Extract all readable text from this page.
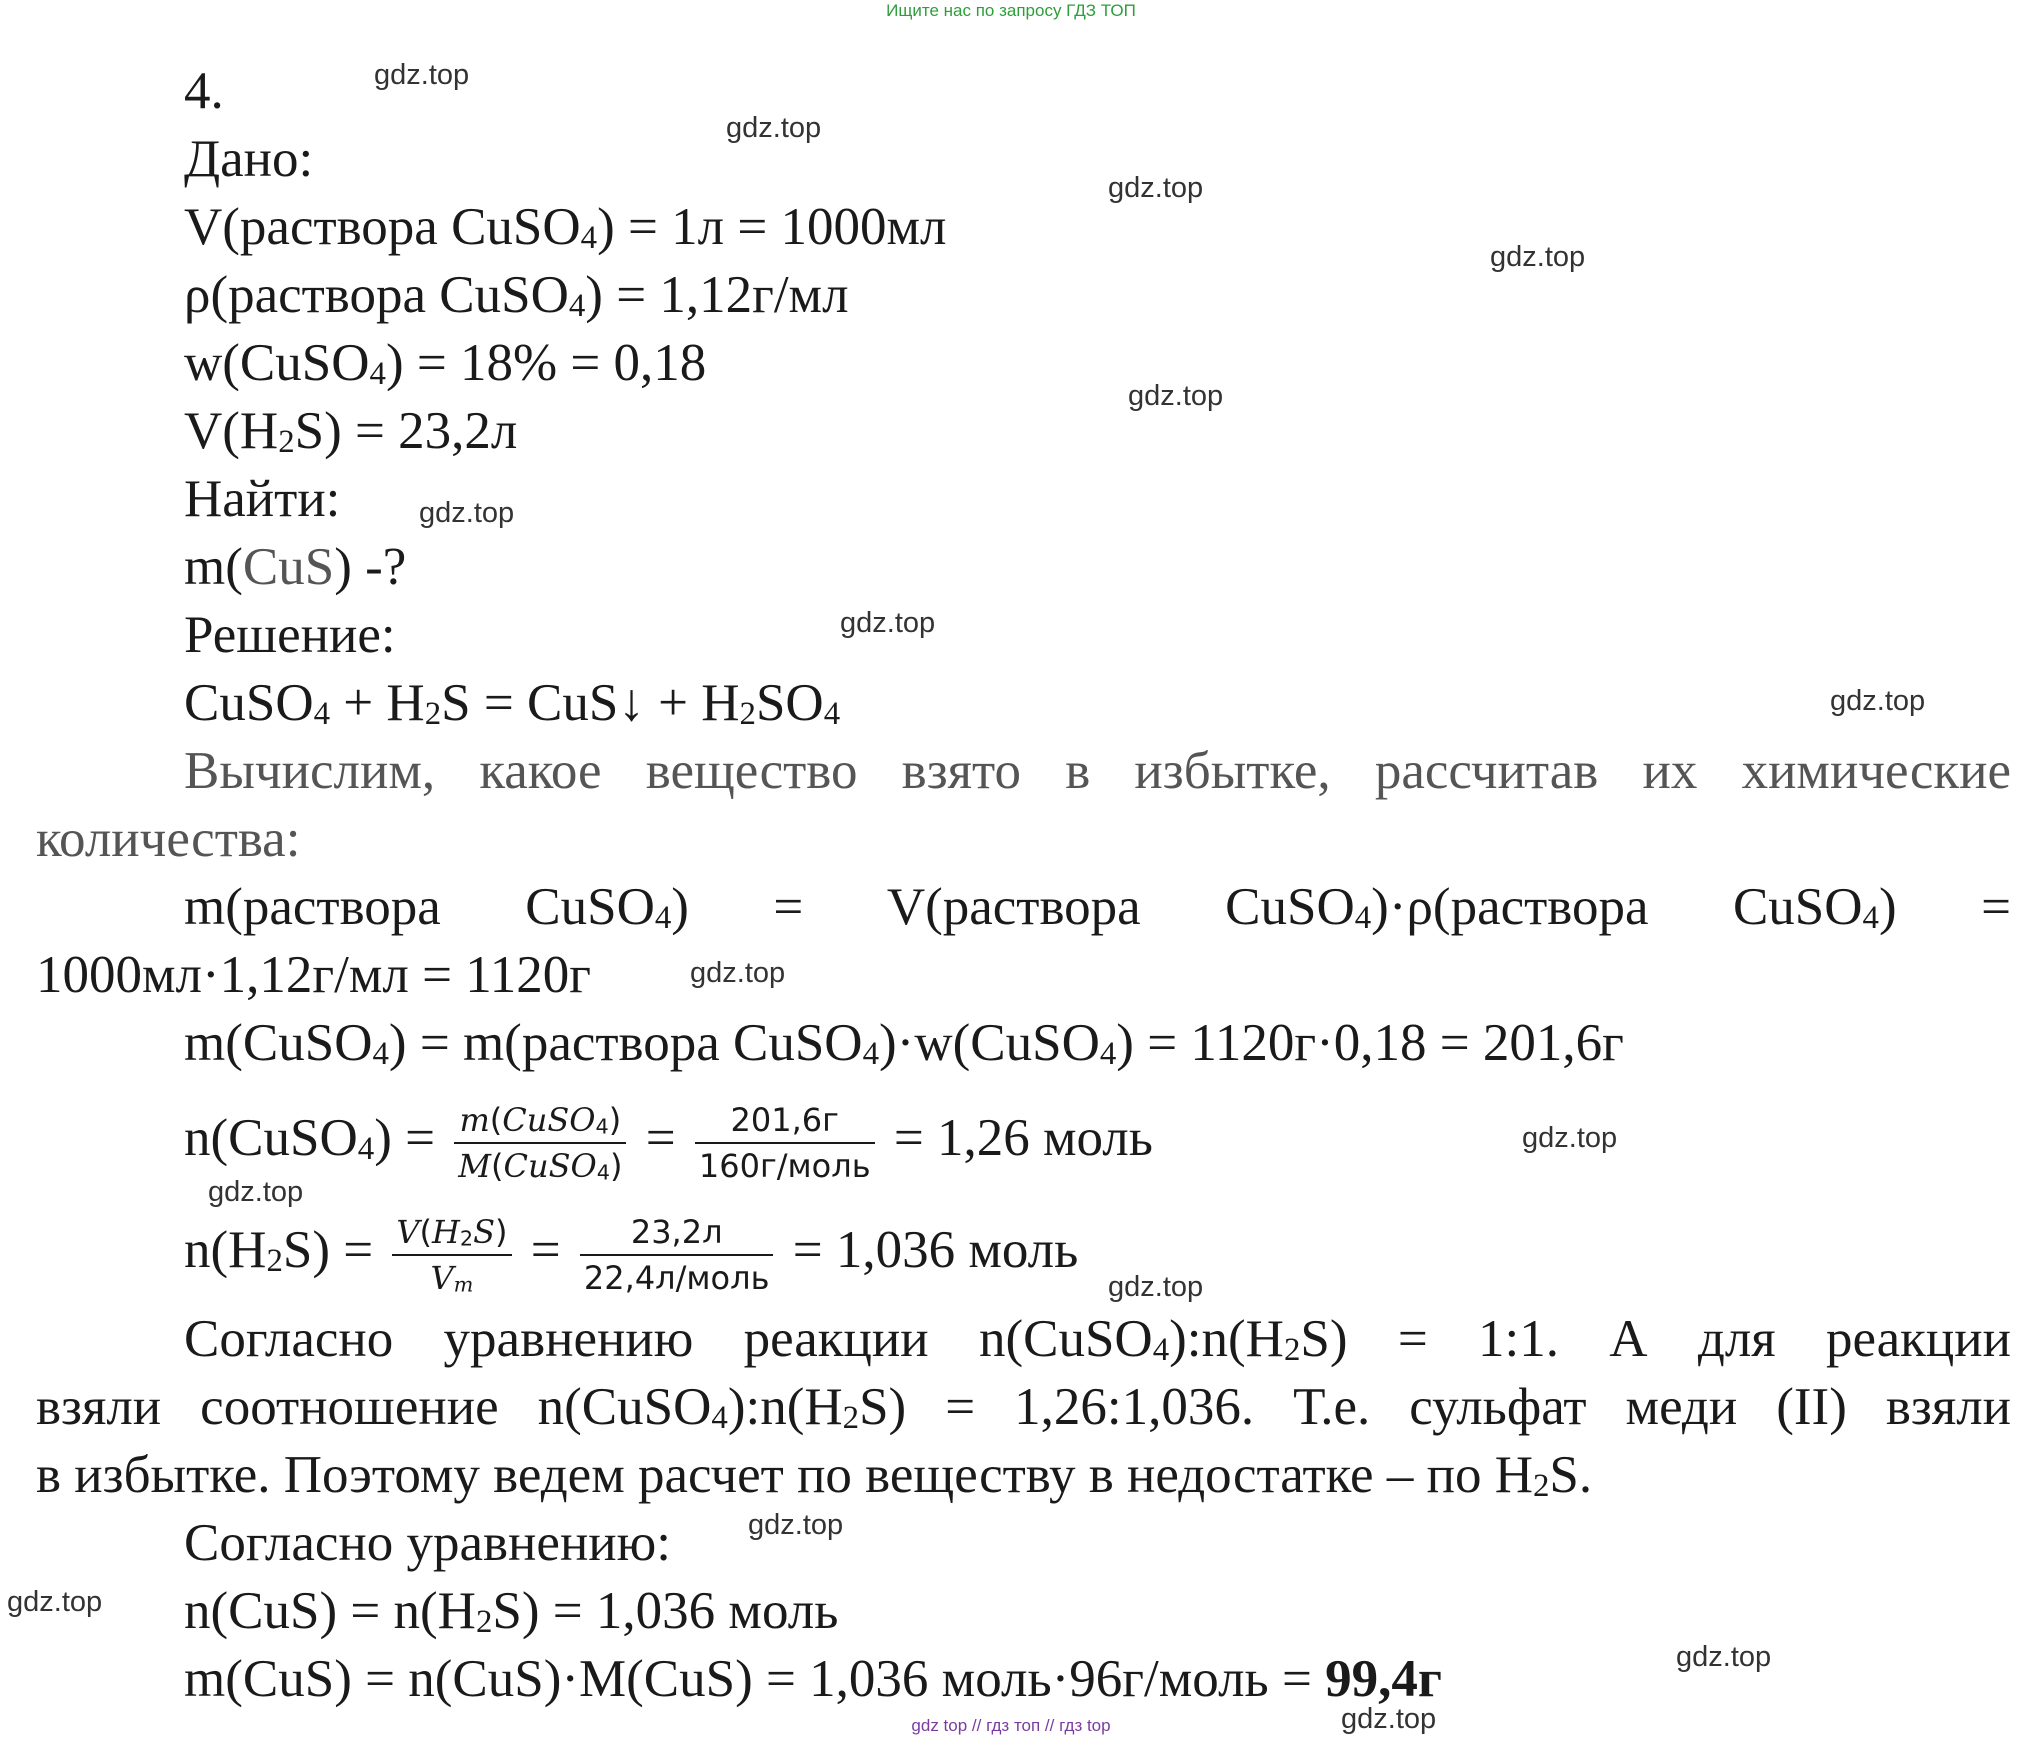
Ищите нас по запросу ГДЗ ТОП
gdz.top
gdz.top
gdz.top
gdz.top
gdz.top
gdz.top
gdz.top
gdz.top
gdz.top
gdz.top
gdz.top
gdz.top
gdz.top
gdz.top
gdz.top
gdz.top
4.
Дано:
V(раствора CuSO$_4$) = 1л = 1000мл
ρ(раствора CuSO$_4$) = 1,12г/мл
w(CuSO$_4$) = 18% = 0,18
$V(H_2S) = 23,2л$
Найти:
m(CuS) -?
Решение:
CuSO$_4$ + $H_2S$ = CuS↓ + $H_2SO_4$
Вычислим, какое вещество взято в избытке, рассчитав их химические
количества:
m(раствора CuSO$_4$) = V(раствора CuSO$_4$)·ρ(раствора CuSO$_4$) =
1000мл·1,12г/мл = 1120г
m(CuSO$_4$) = m(раствора CuSO$_4$)·w(CuSO$_4$) = 1120г·0,18 = 201,6г
n(CuSO$_4$) = $\frac{m(CuSO_4)}{M(CuSO_4)} = \frac{201,6г}{\text{160г/моль}} = 1,26$ моль
$n(H_2S) = \frac{V(H_2S)}{V_m} = \frac{23,2л}{\text{22,4л/моль}} = 1,036$ моль
Согласно уравнению реакции $n(CuSO_4):n(H_2S)$ = 1:1. А для реакции
взяли соотношение $n(CuSO_4):n(H_2S)$ = 1,26:1,036. Т.е. сульфат меди (II) взяли
в избытке. Поэтому ведем расчет по веществу в недостатке – по $H_2S$.
Согласно уравнению:
$n(CuS) = n(H_2S) = 1,036$ моль
m(CuS) = n(CuS)·M(CuS) = 1,036 моль·96г/моль = 99,4г
gdz top // гдз топ // гдз top
